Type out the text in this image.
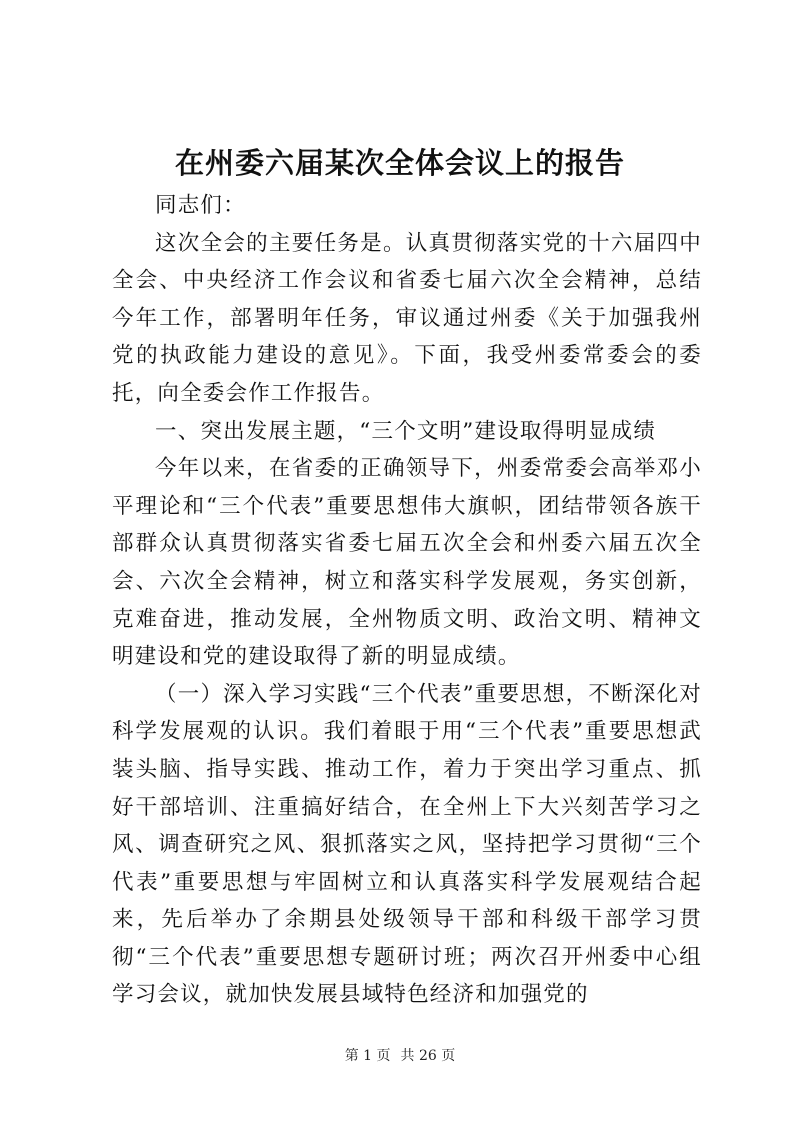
在州委六届某次全体会议上的报告

同志们：

这次全会的主要任务是。认真贯彻落实党的十六届四中全会、中央经济工作会议和省委七届六次全会精神，总结今年工作，部署明年任务，审议通过州委《关于加强我州党的执政能力建设的意见》。下面，我受州委常委会的委托，向全委会作工作报告。

一、突出发展主题，“三个文明”建设取得明显成绩

今年以来，在省委的正确领导下，州委常委会高举邓小平理论和“三个代表”重要思想伟大旗帜，团结带领各族干部群众认真贯彻落实省委七届五次全会和州委六届五次全会、六次全会精神，树立和落实科学发展观，务实创新，克难奋进，推动发展，全州物质文明、政治文明、精神文明建设和党的建设取得了新的明显成绩。

（一）深入学习实践“三个代表”重要思想，不断深化对科学发展观的认识。我们着眼于用“三个代表”重要思想武装头脑、指导实践、推动工作，着力于突出学习重点、抓好干部培训、注重搞好结合，在全州上下大兴刻苦学习之风、调查研究之风、狠抓落实之风，坚持把学习贯彻“三个代表”重要思想与牢固树立和认真落实科学发展观结合起来，先后举办了余期县处级领导干部和科级干部学习贯彻“三个代表”重要思想专题研讨班；两次召开州委中心组学习会议，就加快发展县域特色经济和加强党的

第 1 页 共 26 页
